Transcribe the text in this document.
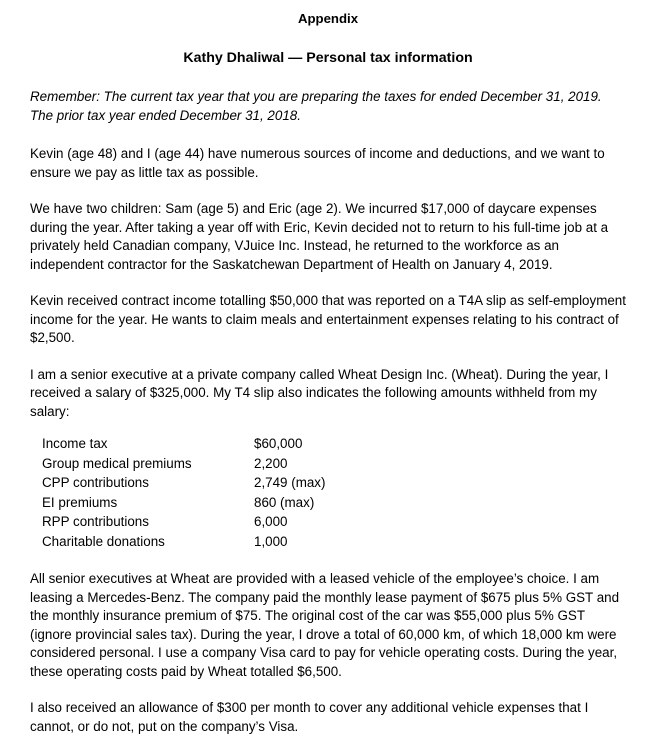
Appendix
Kathy Dhaliwal — Personal tax information
Remember: The current tax year that you are preparing the taxes for ended December 31, 2019. The prior tax year ended December 31, 2018.

Kevin (age 48) and I (age 44) have numerous sources of income and deductions, and we want to ensure we pay as little tax as possible.

We have two children: Sam (age 5) and Eric (age 2). We incurred $17,000 of daycare expenses during the year. After taking a year off with Eric, Kevin decided not to return to his full-time job at a privately held Canadian company, VJuice Inc. Instead, he returned to the workforce as an independent contractor for the Saskatchewan Department of Health on January 4, 2019.

Kevin received contract income totalling $50,000 that was reported on a T4A slip as self-employment income for the year. He wants to claim meals and entertainment expenses relating to his contract of $2,500.

I am a senior executive at a private company called Wheat Design Inc. (Wheat). During the year, I received a salary of $325,000. My T4 slip also indicates the following amounts withheld from my salary:

Income tax	$60,000
Group medical premiums	2,200
CPP contributions	2,749 (max)
EI premiums	860 (max)
RPP contributions	6,000
Charitable donations	1,000

All senior executives at Wheat are provided with a leased vehicle of the employee’s choice. I am leasing a Mercedes-Benz. The company paid the monthly lease payment of $675 plus 5% GST and the monthly insurance premium of $75. The original cost of the car was $55,000 plus 5% GST (ignore provincial sales tax). During the year, I drove a total of 60,000 km, of which 18,000 km were considered personal. I use a company Visa card to pay for vehicle operating costs. During the year, these operating costs paid by Wheat totalled $6,500.

I also received an allowance of $300 per month to cover any additional vehicle expenses that I cannot, or do not, put on the company’s Visa.
